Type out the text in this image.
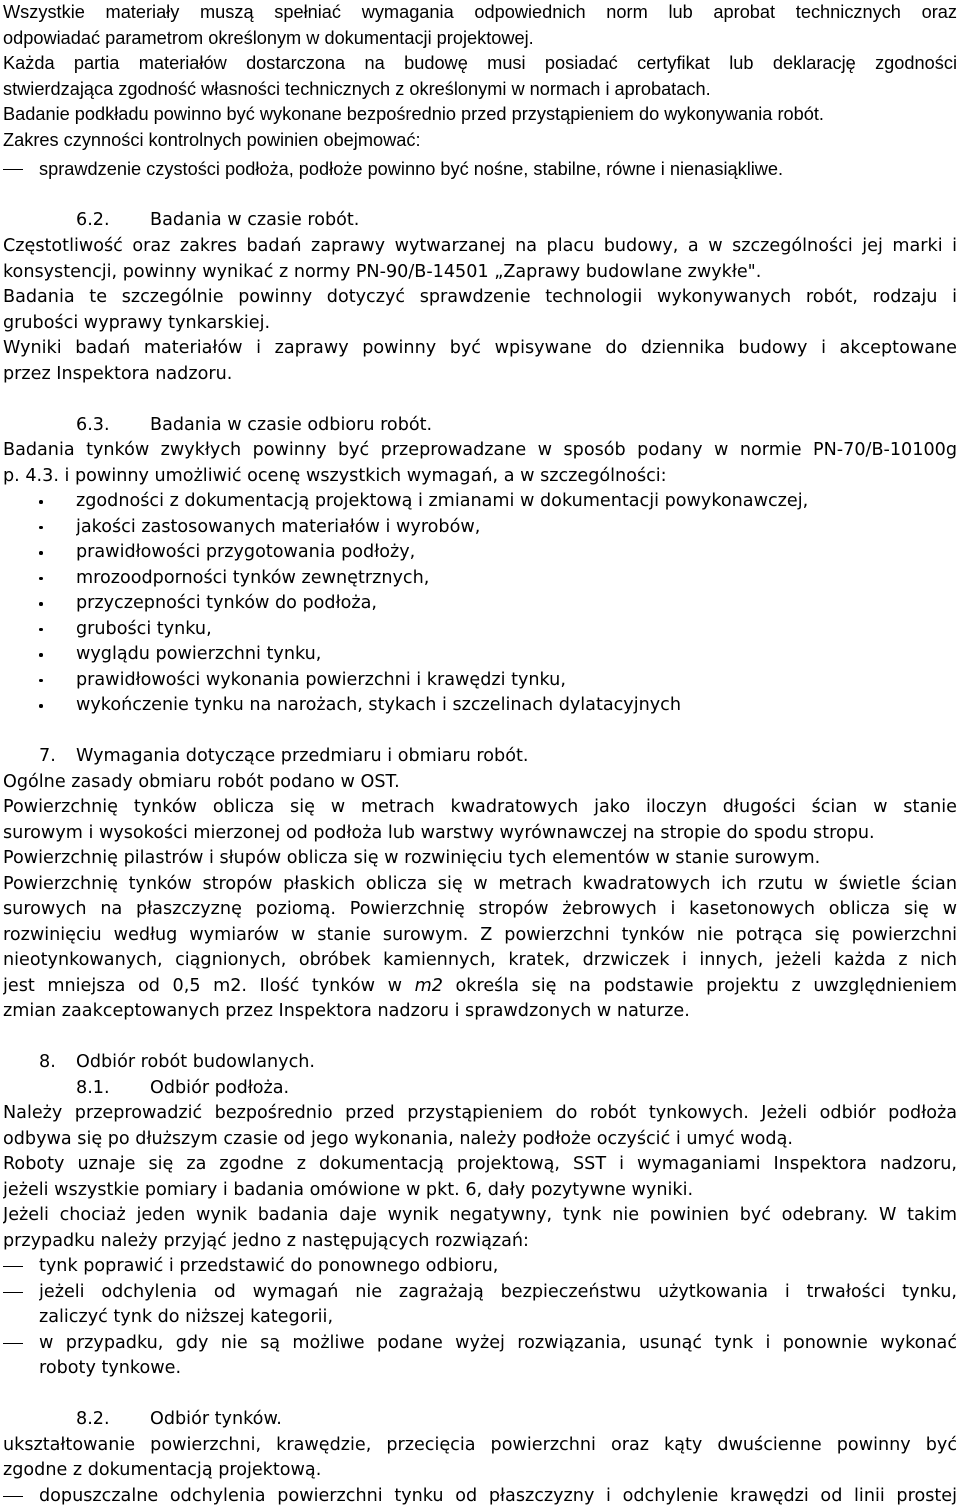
Wszystkie materiały muszą spełniać wymagania odpowiednich norm lub aprobat technicznych oraz
odpowiadać parametrom określonym w dokumentacji projektowej.
Każda partia materiałów dostarczona na budowę musi posiadać certyfikat lub deklarację zgodności
stwierdzająca zgodność własności technicznych z określonymi w normach i aprobatach.
Badanie podkładu powinno być wykonane bezpośrednio przed przystąpieniem do wykonywania robót.
Zakres czynności kontrolnych powinien obejmować:
sprawdzenie czystości podłoża, podłoże powinno być nośne, stabilne, równe i nienasiąkliwe.
6.2. Badania w czasie robót.
Częstotliwość oraz zakres badań zaprawy wytwarzanej na placu budowy, a w szczególności jej marki i
konsystencji, powinny wynikać z normy PN-90/B-14501 „Zaprawy budowlane zwykłe".
Badania te szczególnie powinny dotyczyć sprawdzenie technologii wykonywanych robót, rodzaju i
grubości wyprawy tynkarskiej.
Wyniki badań materiałów i zaprawy powinny być wpisywane do dziennika budowy i akceptowane
przez Inspektora nadzoru.
6.3. Badania w czasie odbioru robót.
Badania tynków zwykłych powinny być przeprowadzane w sposób podany w normie PN-70/B-10100g
p. 4.3. i powinny umożliwić ocenę wszystkich wymagań, a w szczególności:
zgodności z dokumentacją projektową i zmianami w dokumentacji powykonawczej,
jakości zastosowanych materiałów i wyrobów,
prawidłowości przygotowania podłoży,
mrozoodporności tynków zewnętrznych,
przyczepności tynków do podłoża,
grubości tynku,
wyglądu powierzchni tynku,
prawidłowości wykonania powierzchni i krawędzi tynku,
wykończenie tynku na narożach, stykach i szczelinach dylatacyjnych
7. Wymagania dotyczące przedmiaru i obmiaru robót.
Ogólne zasady obmiaru robót podano w OST.
Powierzchnię tynków oblicza się w metrach kwadratowych jako iloczyn długości ścian w stanie
surowym i wysokości mierzonej od podłoża lub warstwy wyrównawczej na stropie do spodu stropu.
Powierzchnię pilastrów i słupów oblicza się w rozwinięciu tych elementów w stanie surowym.
Powierzchnię tynków stropów płaskich oblicza się w metrach kwadratowych ich rzutu w świetle ścian
surowych na płaszczyznę poziomą. Powierzchnię stropów żebrowych i kasetonowych oblicza się w
rozwinięciu według wymiarów w stanie surowym. Z powierzchni tynków nie potrąca się powierzchni
nieotynkowanych, ciągnionych, obróbek kamiennych, kratek, drzwiczek i innych, jeżeli każda z nich
jest mniejsza od 0,5 m2. Ilość tynków w m2 określa się na podstawie projektu z uwzględnieniem
zmian zaakceptowanych przez Inspektora nadzoru i sprawdzonych w naturze.
8. Odbiór robót budowlanych.
8.1. Odbiór podłoża.
Należy przeprowadzić bezpośrednio przed przystąpieniem do robót tynkowych. Jeżeli odbiór podłoża
odbywa się po dłuższym czasie od jego wykonania, należy podłoże oczyścić i umyć wodą.
Roboty uznaje się za zgodne z dokumentacją projektową, SST i wymaganiami Inspektora nadzoru,
jeżeli wszystkie pomiary i badania omówione w pkt. 6, dały pozytywne wyniki.
Jeżeli chociaż jeden wynik badania daje wynik negatywny, tynk nie powinien być odebrany. W takim
przypadku należy przyjąć jedno z następujących rozwiązań:
tynk poprawić i przedstawić do ponownego odbioru,
jeżeli odchylenia od wymagań nie zagrażają bezpieczeństwu użytkowania i trwałości tynku,
zaliczyć tynk do niższej kategorii,
w przypadku, gdy nie są możliwe podane wyżej rozwiązania, usunąć tynk i ponownie wykonać
roboty tynkowe.
8.2. Odbiór tynków.
ukształtowanie powierzchni, krawędzie, przecięcia powierzchni oraz kąty dwuścienne powinny być
zgodne z dokumentacją projektową.
dopuszczalne odchylenia powierzchni tynku od płaszczyzny i odchylenie krawędzi od linii prostej
